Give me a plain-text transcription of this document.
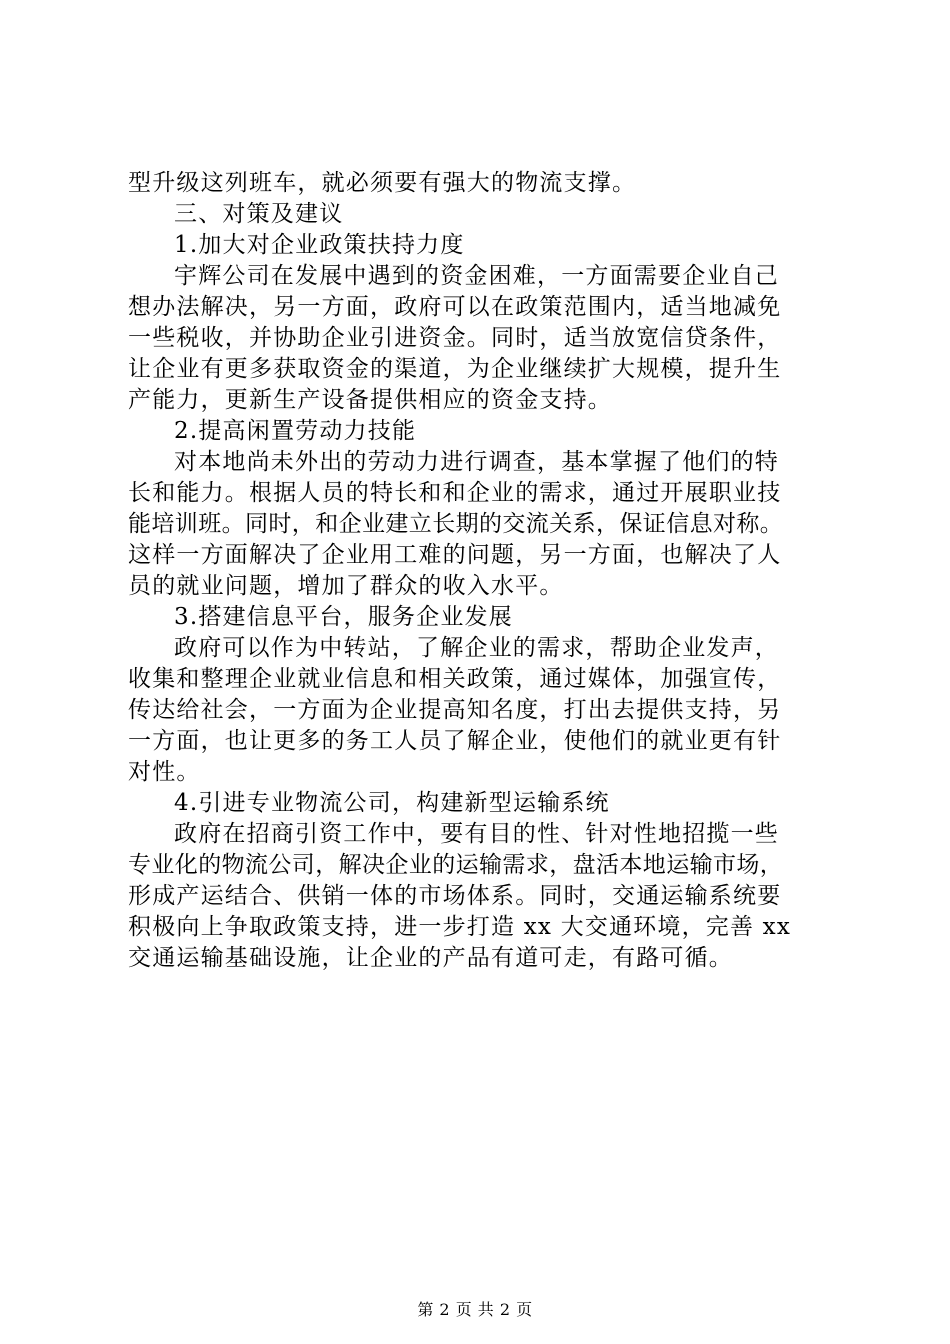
型升级这列班车，就必须要有强大的物流支撑。
三、对策及建议
1.加大对企业政策扶持力度
宇辉公司在发展中遇到的资金困难，一方面需要企业自己
想办法解决，另一方面，政府可以在政策范围内，适当地减免
一些税收，并协助企业引进资金。同时，适当放宽信贷条件，
让企业有更多获取资金的渠道，为企业继续扩大规模，提升生
产能力，更新生产设备提供相应的资金支持。
2.提高闲置劳动力技能
对本地尚未外出的劳动力进行调查，基本掌握了他们的特
长和能力。根据人员的特长和和企业的需求，通过开展职业技
能培训班。同时，和企业建立长期的交流关系，保证信息对称。
这样一方面解决了企业用工难的问题，另一方面，也解决了人
员的就业问题，增加了群众的收入水平。
3.搭建信息平台，服务企业发展
政府可以作为中转站，了解企业的需求，帮助企业发声，
收集和整理企业就业信息和相关政策，通过媒体，加强宣传，
传达给社会，一方面为企业提高知名度，打出去提供支持，另
一方面，也让更多的务工人员了解企业，使他们的就业更有针
对性。
4.引进专业物流公司，构建新型运输系统
政府在招商引资工作中，要有目的性、针对性地招揽一些
专业化的物流公司，解决企业的运输需求，盘活本地运输市场，
形成产运结合、供销一体的市场体系。同时，交通运输系统要
积极向上争取政策支持，进一步打造 xx 大交通环境，完善 xx
交通运输基础设施，让企业的产品有道可走，有路可循。
第 2 页 共 2 页
